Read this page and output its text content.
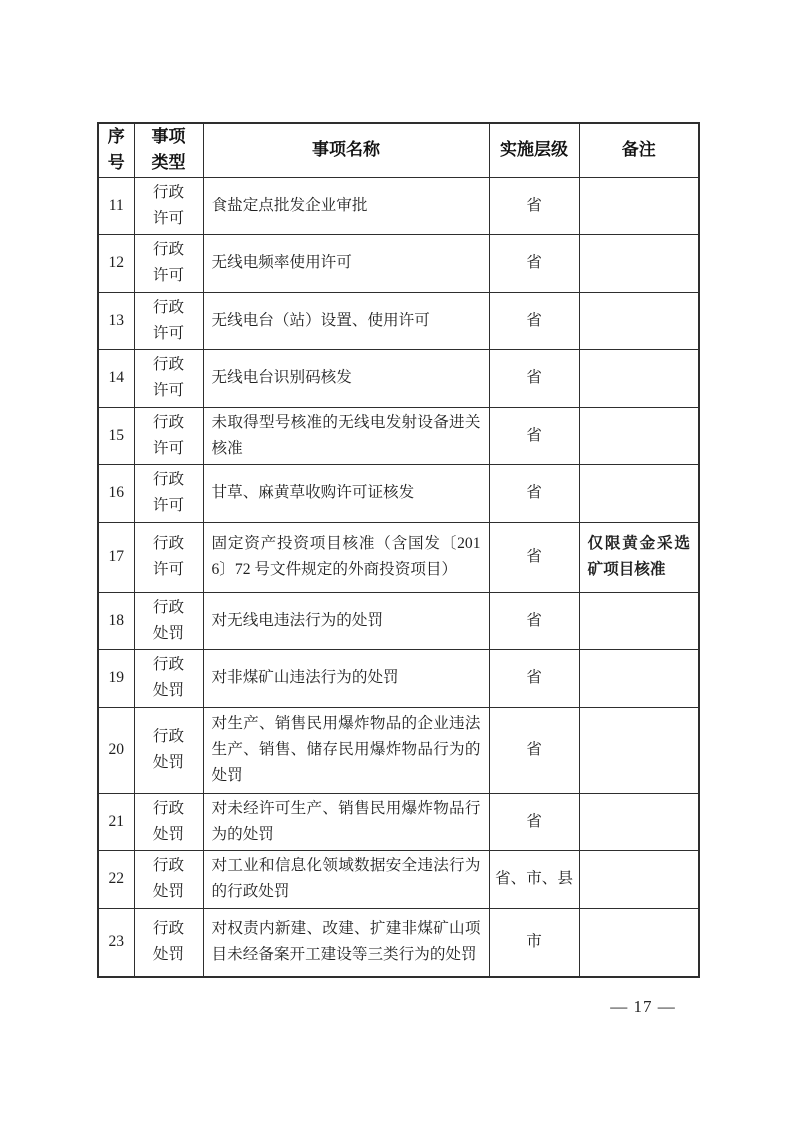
序号	事项类型	事项名称	实施层级	备注
11	行政许可	食盐定点批发企业审批	省	
12	行政许可	无线电频率使用许可	省	
13	行政许可	无线电台（站）设置、使用许可	省	
14	行政许可	无线电台识别码核发	省	
15	行政许可	未取得型号核准的无线电发射设备进关核准	省	
16	行政许可	甘草、麻黄草收购许可证核发	省	
17	行政许可	固定资产投资项目核准（含国发〔2016〕72 号文件规定的外商投资项目）	省	仅限黄金采选矿项目核准
18	行政处罚	对无线电违法行为的处罚	省	
19	行政处罚	对非煤矿山违法行为的处罚	省	
20	行政处罚	对生产、销售民用爆炸物品的企业违法生产、销售、储存民用爆炸物品行为的处罚	省	
21	行政处罚	对未经许可生产、销售民用爆炸物品行为的处罚	省	
22	行政处罚	对工业和信息化领域数据安全违法行为的行政处罚	省、市、县	
23	行政处罚	对权责内新建、改建、扩建非煤矿山项目未经备案开工建设等三类行为的处罚	市	
— 17 —
